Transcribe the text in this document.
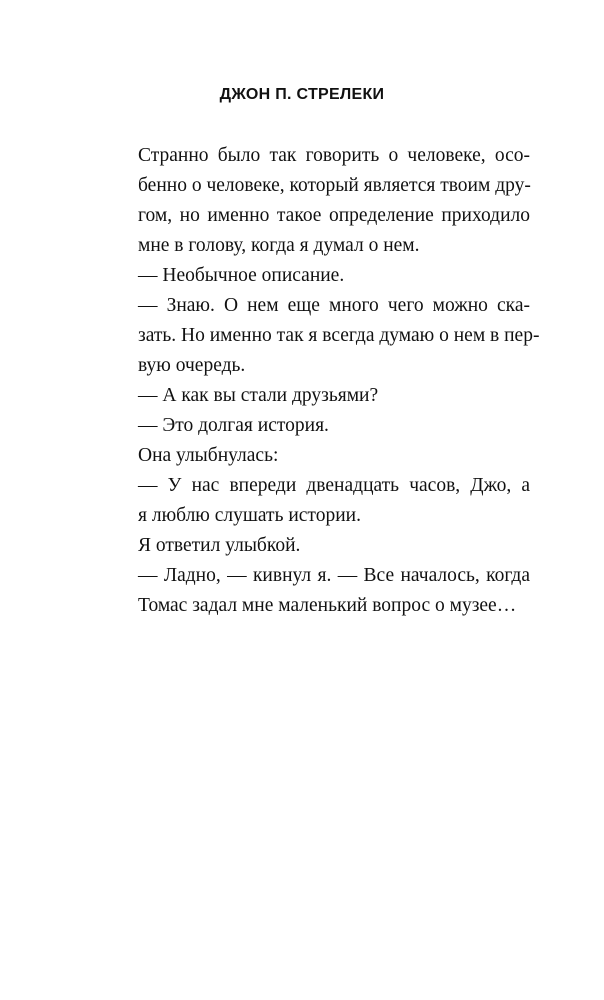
ДЖОН П. СТРЕЛЕКИ

Странно было так говорить о человеке, осо-
бенно о человеке, который является твоим дру-
гом, но именно такое определение приходило
мне в голову, когда я думал о нем.

— Необычное описание.

— Знаю. О нем еще много чего можно ска-
зать. Но именно так я всегда думаю о нем в пер-
вую очередь.

— А как вы стали друзьями?

— Это долгая история.

Она улыбнулась:

— У нас впереди двенадцать часов, Джо, а
я люблю слушать истории.

Я ответил улыбкой.

— Ладно, — кивнул я. — Все началось, когда
Томас задал мне маленький вопрос о музее…
